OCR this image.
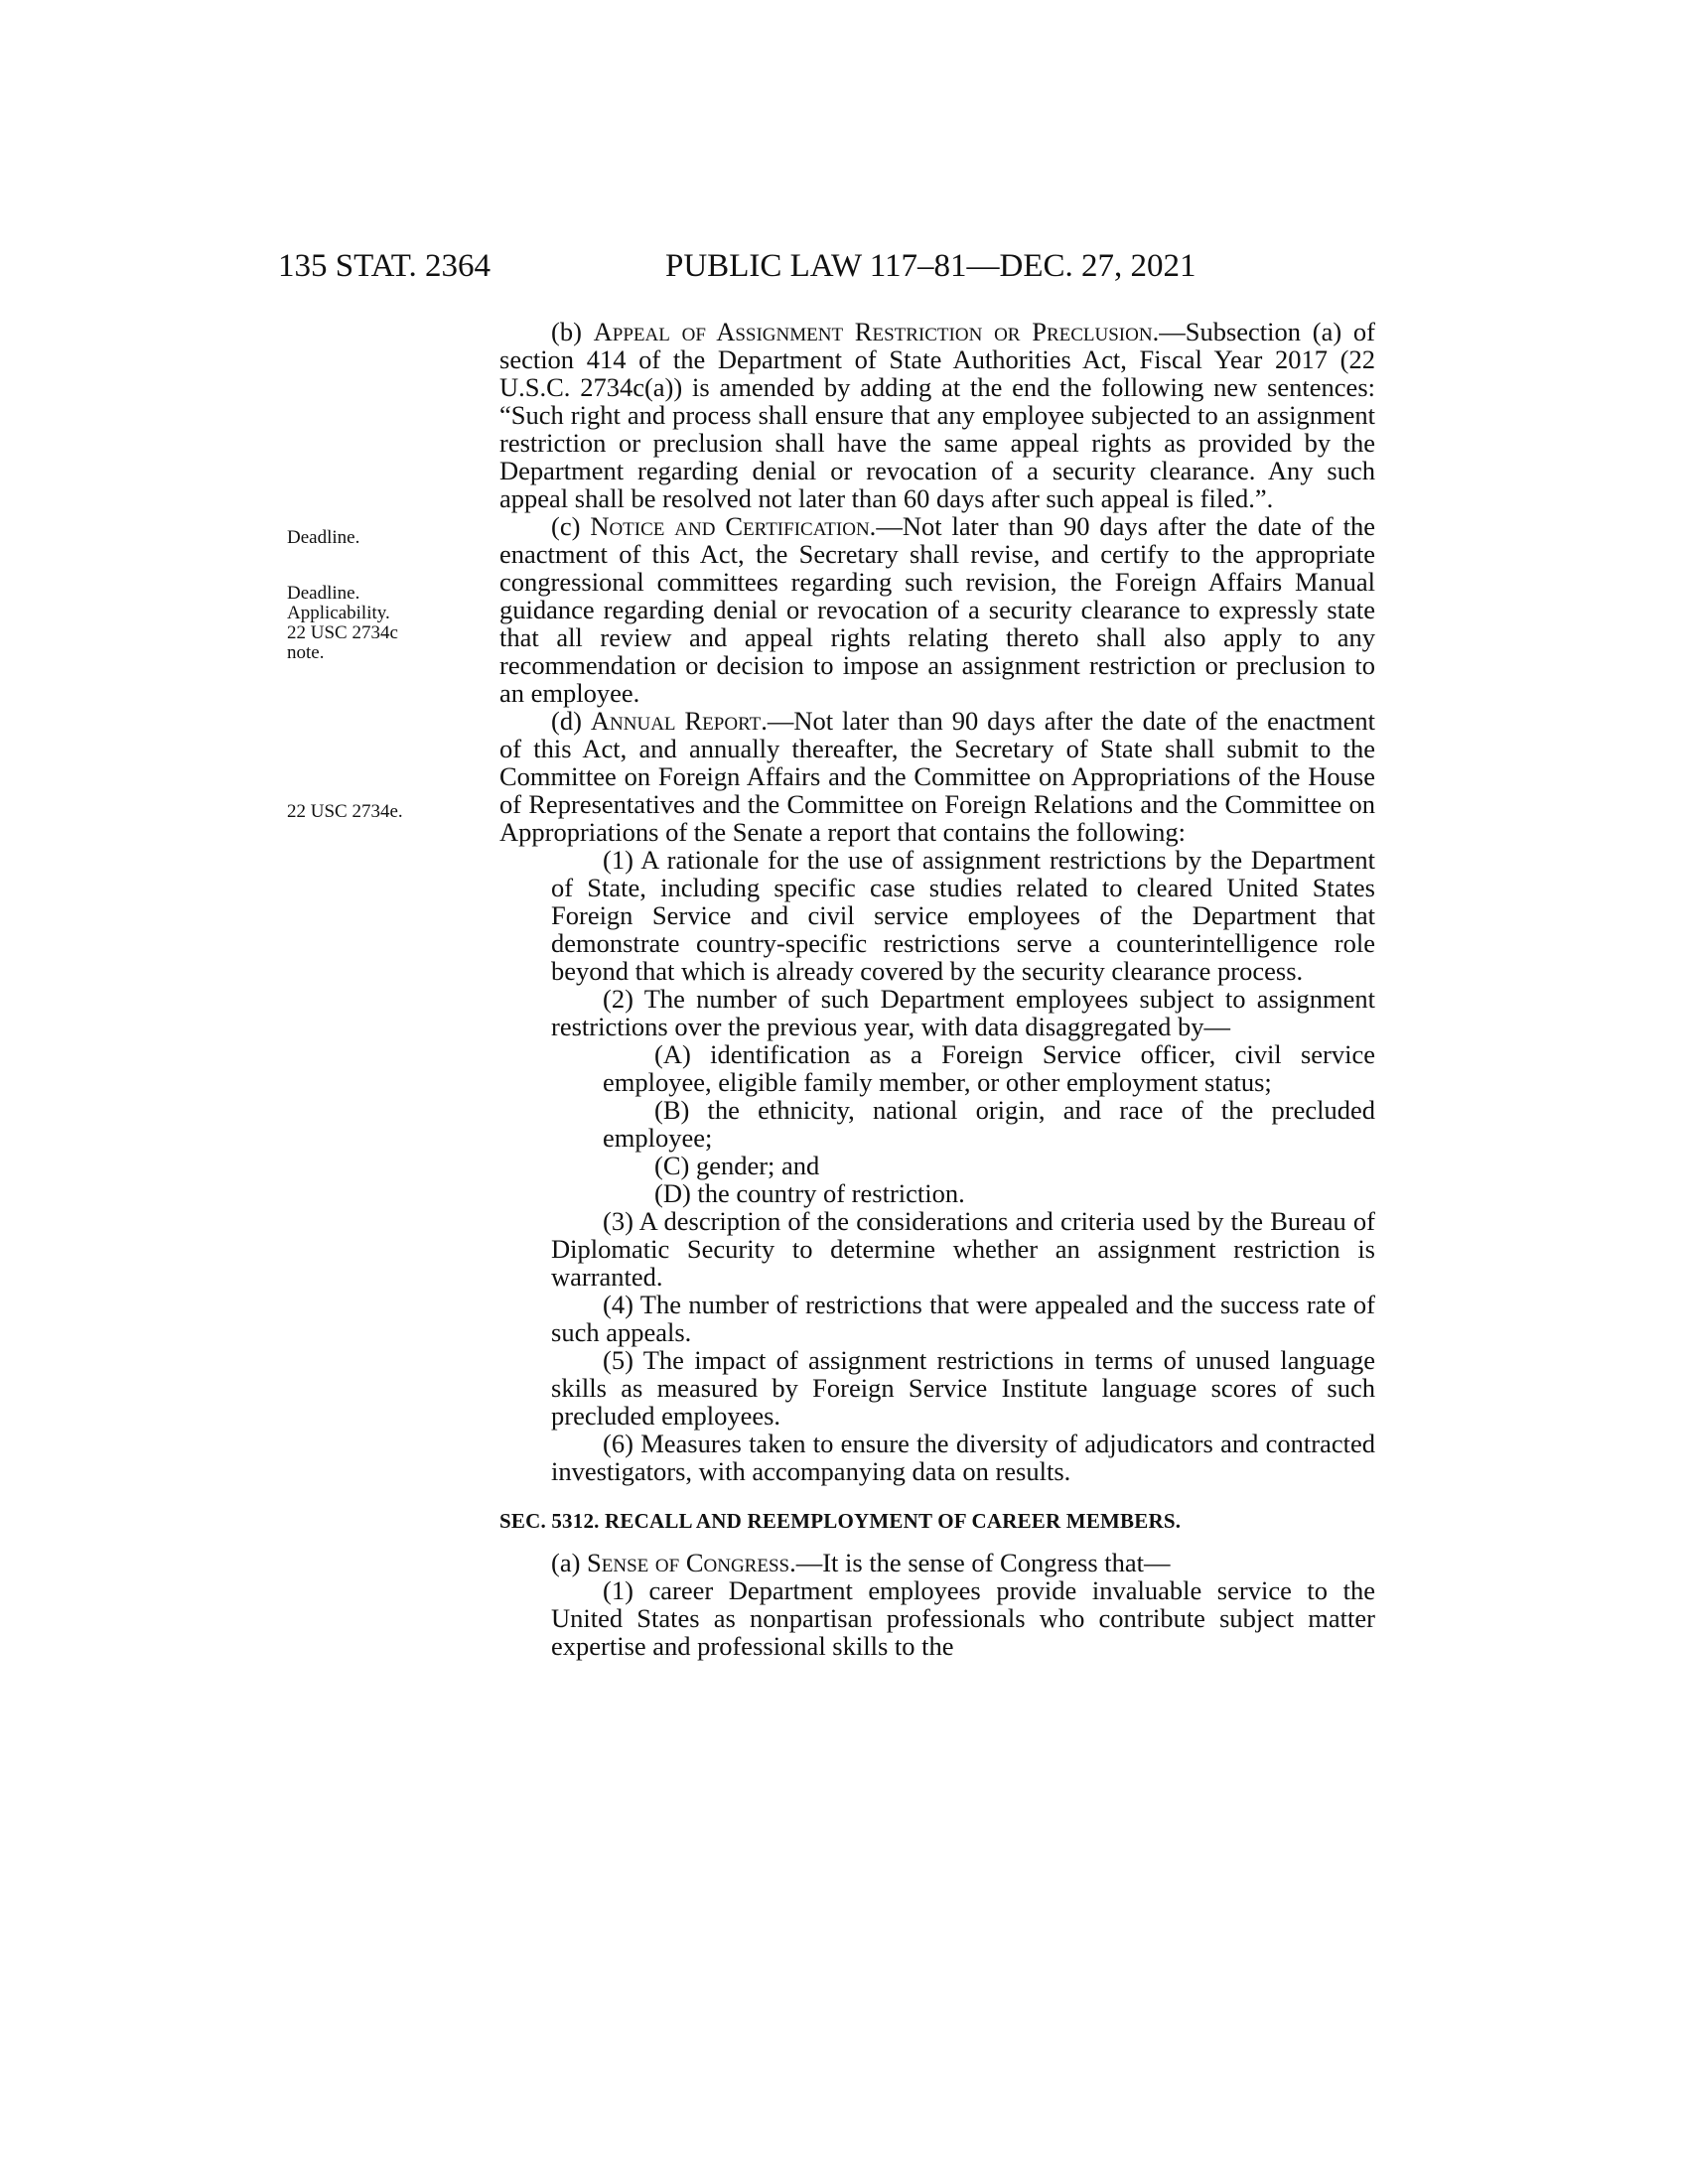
135 STAT. 2364	PUBLIC LAW 117–81—DEC. 27, 2021
Deadline.
Deadline. Applicability. 22 USC 2734c note.
22 USC 2734e.

(b) Appeal of Assignment Restriction or Preclusion.—Subsection (a) of section 414 of the Department of State Authorities Act, Fiscal Year 2017 (22 U.S.C. 2734c(a)) is amended by adding at the end the following new sentences: “Such right and process shall ensure that any employee subjected to an assignment restriction or preclusion shall have the same appeal rights as provided by the Department regarding denial or revocation of a security clearance. Any such appeal shall be resolved not later than 60 days after such appeal is filed.”.

(c) Notice and Certification.—Not later than 90 days after the date of the enactment of this Act, the Secretary shall revise, and certify to the appropriate congressional committees regarding such revision, the Foreign Affairs Manual guidance regarding denial or revocation of a security clearance to expressly state that all review and appeal rights relating thereto shall also apply to any recommendation or decision to impose an assignment restriction or preclusion to an employee.

(d) Annual Report.—Not later than 90 days after the date of the enactment of this Act, and annually thereafter, the Secretary of State shall submit to the Committee on Foreign Affairs and the Committee on Appropriations of the House of Representatives and the Committee on Foreign Relations and the Committee on Appropriations of the Senate a report that contains the following:

(1) A rationale for the use of assignment restrictions by the Department of State, including specific case studies related to cleared United States Foreign Service and civil service employees of the Department that demonstrate country-specific restrictions serve a counterintelligence role beyond that which is already covered by the security clearance process.

(2) The number of such Department employees subject to assignment restrictions over the previous year, with data disaggregated by—

(A) identification as a Foreign Service officer, civil service employee, eligible family member, or other employment status;

(B) the ethnicity, national origin, and race of the precluded employee;

(C) gender; and

(D) the country of restriction.

(3) A description of the considerations and criteria used by the Bureau of Diplomatic Security to determine whether an assignment restriction is warranted.

(4) The number of restrictions that were appealed and the success rate of such appeals.

(5) The impact of assignment restrictions in terms of unused language skills as measured by Foreign Service Institute language scores of such precluded employees.

(6) Measures taken to ensure the diversity of adjudicators and contracted investigators, with accompanying data on results.

SEC. 5312. RECALL AND REEMPLOYMENT OF CAREER MEMBERS.

(a) Sense of Congress.—It is the sense of Congress that—

(1) career Department employees provide invaluable service to the United States as nonpartisan professionals who contribute subject matter expertise and professional skills to the
